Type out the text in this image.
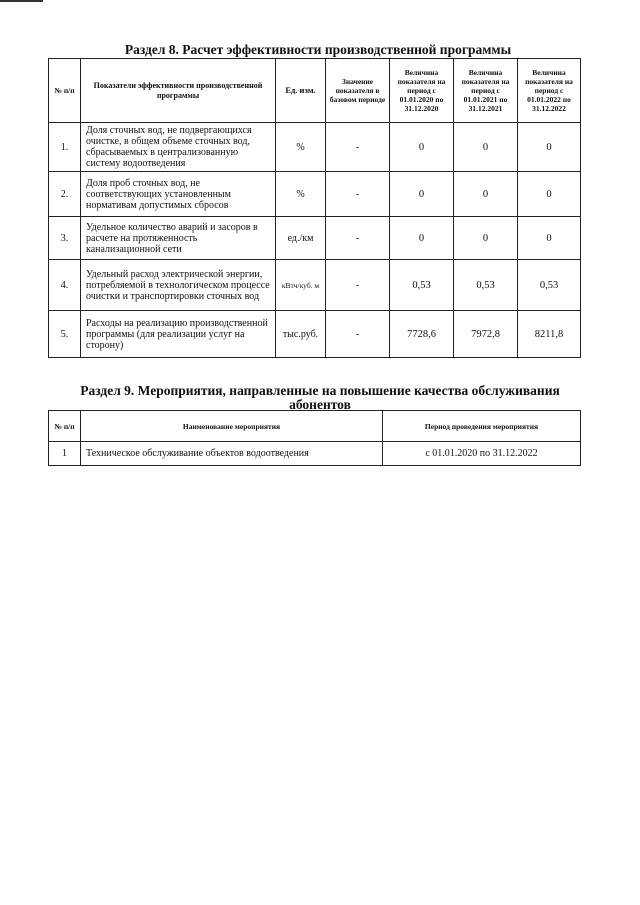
Раздел 8. Расчет эффективности производственной программы
№ п/п	Показатели эффективности производственной программы	Ед. изм.	Значение показателя в базовом периоде	Величина показателя на период с 01.01.2020 по 31.12.2020	Величина показателя на период с 01.01.2021 по 31.12.2021	Величина показателя на период с 01.01.2022 по 31.12.2022
1.	Доля сточных вод, не подвергающихся очистке, в общем объеме сточных вод, сбрасываемых в централизованную систему водоотведения	%	-	0	0	0
2.	Доля проб сточных вод, не соответствующих установленным нормативам допустимых сбросов	%	-	0	0	0
3.	Удельное количество аварий и засоров в расчете на протяженность канализационной сети	ед./км	-	0	0	0
4.	Удельный расход электрической энергии, потребляемой в технологическом процессе очистки и транспортировки сточных вод	кВтч/куб. м	-	0,53	0,53	0,53
5.	Расходы на реализацию производственной программы (для реализации услуг на сторону)	тыс.руб.	-	7728,6	7972,8	8211,8
Раздел 9. Мероприятия, направленные на повышение качества обслуживания абонентов
№ п/п	Наименование мероприятия	Период проведения мероприятия
1	Техническое обслуживание объектов водоотведения	с 01.01.2020 по 31.12.2022
